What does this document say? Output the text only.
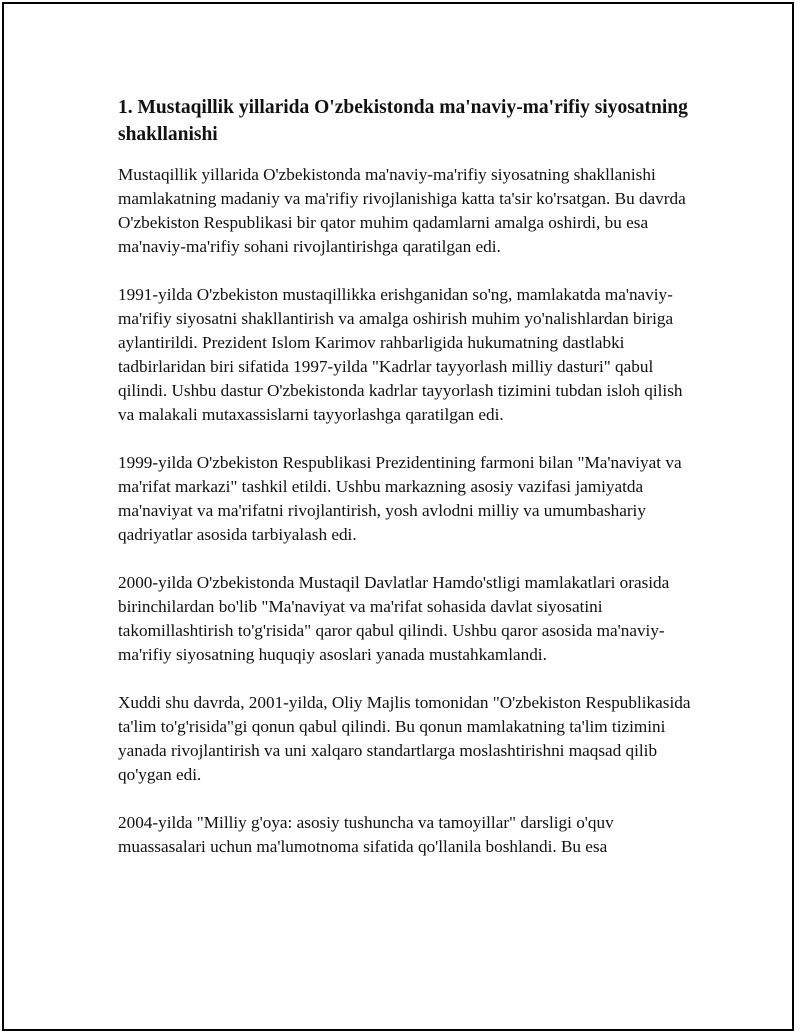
1. Mustaqillik yillarida O'zbekistonda ma'naviy-ma'rifiy siyosatning shakllanishi

Mustaqillik yillarida O'zbekistonda ma'naviy-ma'rifiy siyosatning shakllanishi mamlakatning madaniy va ma'rifiy rivojlanishiga katta ta'sir ko'rsatgan. Bu davrda O'zbekiston Respublikasi bir qator muhim qadamlarni amalga oshirdi, bu esa ma'naviy-ma'rifiy sohani rivojlantirishga qaratilgan edi.

1991-yilda O'zbekiston mustaqillikka erishganidan so'ng, mamlakatda ma'naviy-ma'rifiy siyosatni shakllantirish va amalga oshirish muhim yo'nalishlardan biriga aylantirildi. Prezident Islom Karimov rahbarligida hukumatning dastlabki tadbirlaridan biri sifatida 1997-yilda "Kadrlar tayyorlash milliy dasturi" qabul qilindi. Ushbu dastur O'zbekistonda kadrlar tayyorlash tizimini tubdan isloh qilish va malakali mutaxassislarni tayyorlashga qaratilgan edi.

1999-yilda O'zbekiston Respublikasi Prezidentining farmoni bilan "Ma'naviyat va ma'rifat markazi" tashkil etildi. Ushbu markazning asosiy vazifasi jamiyatda ma'naviyat va ma'rifatni rivojlantirish, yosh avlodni milliy va umumbashariy qadriyatlar asosida tarbiyalash edi.

2000-yilda O'zbekistonda Mustaqil Davlatlar Hamdo'stligi mamlakatlari orasida birinchilardan bo'lib "Ma'naviyat va ma'rifat sohasida davlat siyosatini takomillashtirish to'g'risida" qaror qabul qilindi. Ushbu qaror asosida ma'naviy-ma'rifiy siyosatning huquqiy asoslari yanada mustahkamlandi.

Xuddi shu davrda, 2001-yilda, Oliy Majlis tomonidan "O'zbekiston Respublikasida ta'lim to'g'risida"gi qonun qabul qilindi. Bu qonun mamlakatning ta'lim tizimini yanada rivojlantirish va uni xalqaro standartlarga moslashtirishni maqsad qilib qo'ygan edi.

2004-yilda "Milliy g'oya: asosiy tushuncha va tamoyillar" darsligi o'quv muassasalari uchun ma'lumotnoma sifatida qo'llanila boshlandi. Bu esa
